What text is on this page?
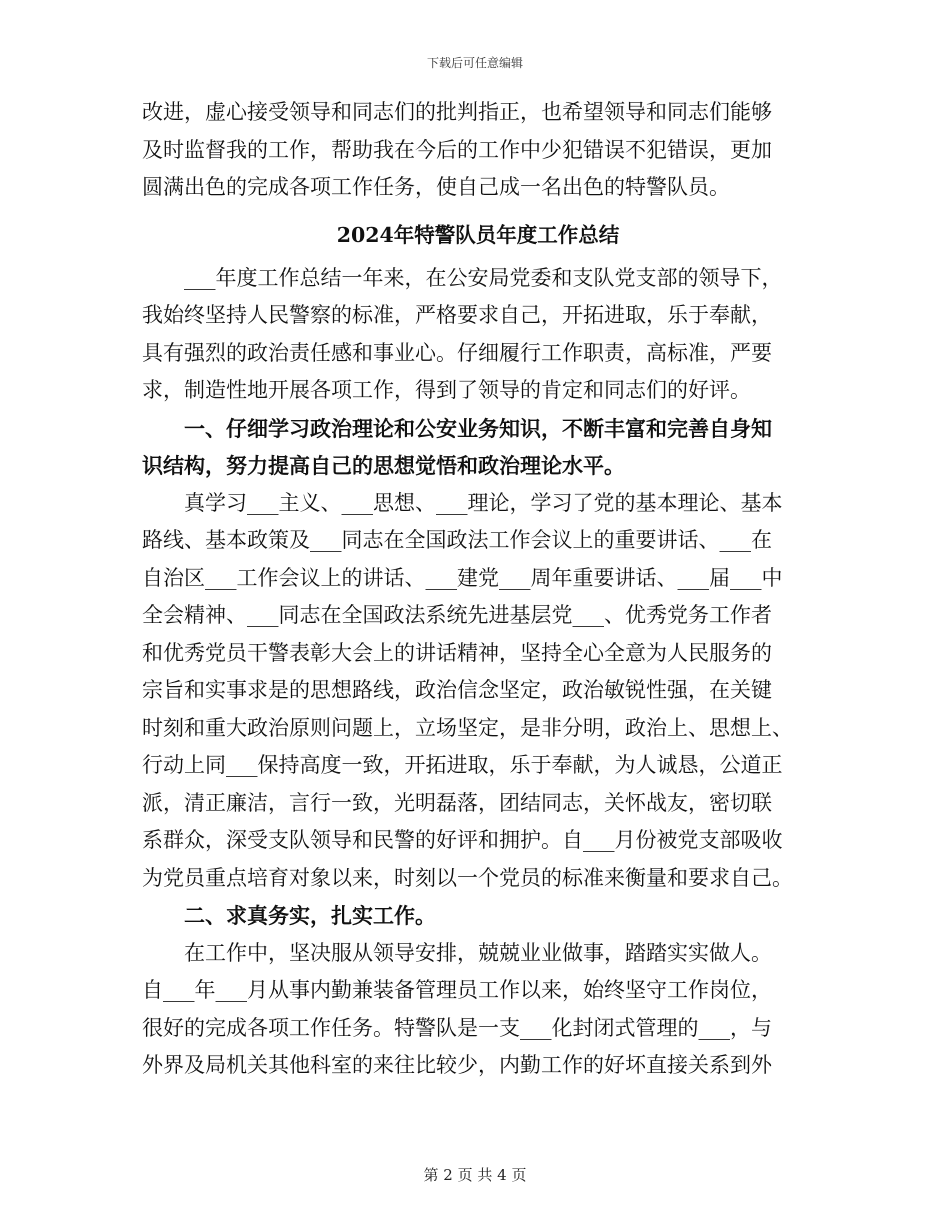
下载后可任意编辑
改进，虚心接受领导和同志们的批判指正，也希望领导和同志们能够
及时监督我的工作，帮助我在今后的工作中少犯错误不犯错误，更加
圆满出色的完成各项工作任务，使自己成一名出色的特警队员。
2024年特警队员年度工作总结
___年度工作总结一年来，在公安局党委和支队党支部的领导下，
我始终坚持人民警察的标准，严格要求自己，开拓进取，乐于奉献，
具有强烈的政治责任感和事业心。仔细履行工作职责，高标准，严要
求，制造性地开展各项工作，得到了领导的肯定和同志们的好评。
一、仔细学习政治理论和公安业务知识，不断丰富和完善自身知
识结构，努力提高自己的思想觉悟和政治理论水平。
真学习___主义、___思想、___理论，学习了党的基本理论、基本
路线、基本政策及___同志在全国政法工作会议上的重要讲话、___在
自治区___工作会议上的讲话、___建党___周年重要讲话、___届___中
全会精神、___同志在全国政法系统先进基层党___、优秀党务工作者
和优秀党员干警表彰大会上的讲话精神，坚持全心全意为人民服务的
宗旨和实事求是的思想路线，政治信念坚定，政治敏锐性强，在关键
时刻和重大政治原则问题上，立场坚定，是非分明，政治上、思想上、
行动上同___保持高度一致，开拓进取，乐于奉献，为人诚恳，公道正
派，清正廉洁，言行一致，光明磊落，团结同志，关怀战友，密切联
系群众，深受支队领导和民警的好评和拥护。自___月份被党支部吸收
为党员重点培育对象以来，时刻以一个党员的标准来衡量和要求自己。
二、求真务实，扎实工作。
在工作中，坚决服从领导安排，兢兢业业做事，踏踏实实做人。
自___年___月从事内勤兼装备管理员工作以来，始终坚守工作岗位，
很好的完成各项工作任务。特警队是一支___化封闭式管理的___，与
外界及局机关其他科室的来往比较少，内勤工作的好坏直接关系到外
第 2 页 共 4 页
